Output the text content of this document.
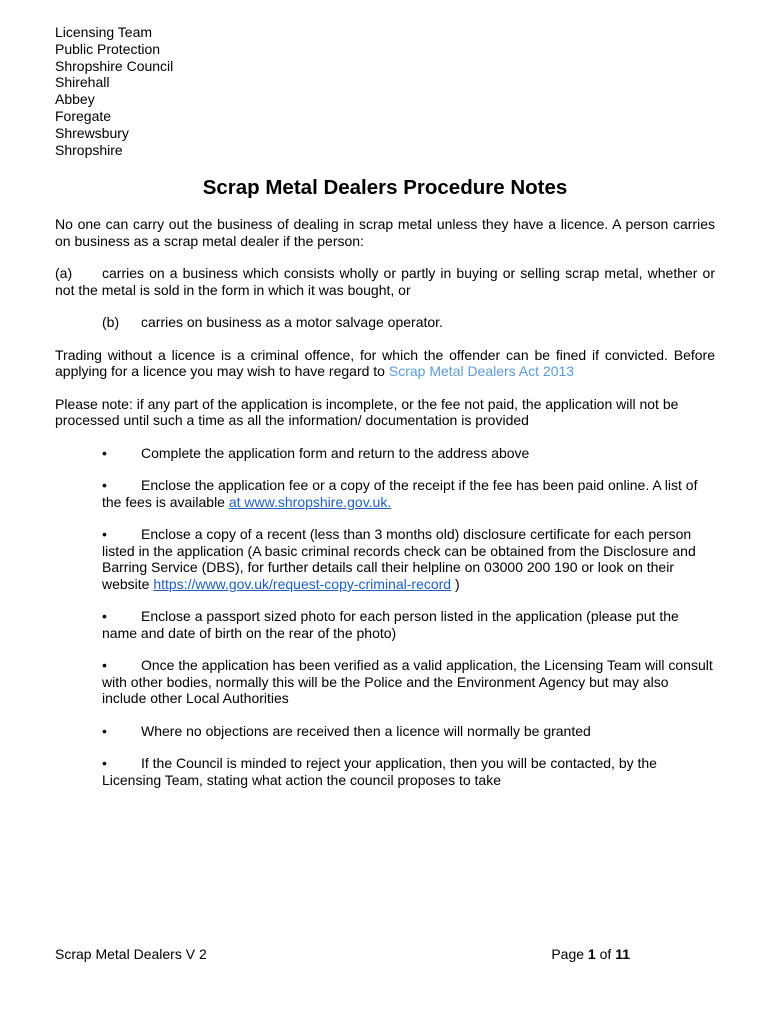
Licensing Team
Public Protection
Shropshire Council
Shirehall
Abbey
Foregate
Shrewsbury
Shropshire
Scrap Metal Dealers Procedure Notes

No one can carry out the business of dealing in scrap metal unless they have a licence. A person carries on business as a scrap metal dealer if the person:

(a) carries on a business which consists wholly or partly in buying or selling scrap metal, whether or not the metal is sold in the form in which it was bought, or

(b) carries on business as a motor salvage operator.

Trading without a licence is a criminal offence, for which the offender can be fined if convicted. Before applying for a licence you may wish to have regard to Scrap Metal Dealers Act 2013

Please note: if any part of the application is incomplete, or the fee not paid, the application will not be processed until such a time as all the information/ documentation is provided

• Complete the application form and return to the address above

• Enclose the application fee or a copy of the receipt if the fee has been paid online. A list of the fees is available at www.shropshire.gov.uk.

• Enclose a copy of a recent (less than 3 months old) disclosure certificate for each person listed in the application (A basic criminal records check can be obtained from the Disclosure and Barring Service (DBS), for further details call their helpline on 03000 200 190 or look on their website https://www.gov.uk/request-copy-criminal-record )

• Enclose a passport sized photo for each person listed in the application (please put the name and date of birth on the rear of the photo)

• Once the application has been verified as a valid application, the Licensing Team will consult with other bodies, normally this will be the Police and the Environment Agency but may also include other Local Authorities

• Where no objections are received then a licence will normally be granted

• If the Council is minded to reject your application, then you will be contacted, by the Licensing Team, stating what action the council proposes to take

Scrap Metal Dealers V 2	Page 1 of 11
